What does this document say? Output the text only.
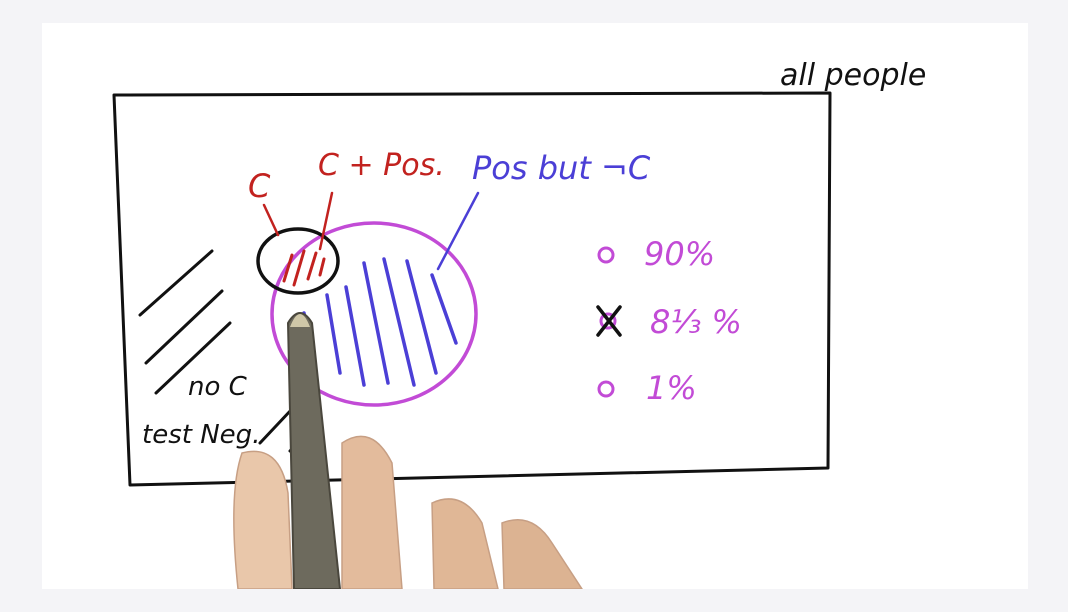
all people
no C
test Neg.
C
C + Pos. Pos but ¬C
90%
8⅓ %
1%
